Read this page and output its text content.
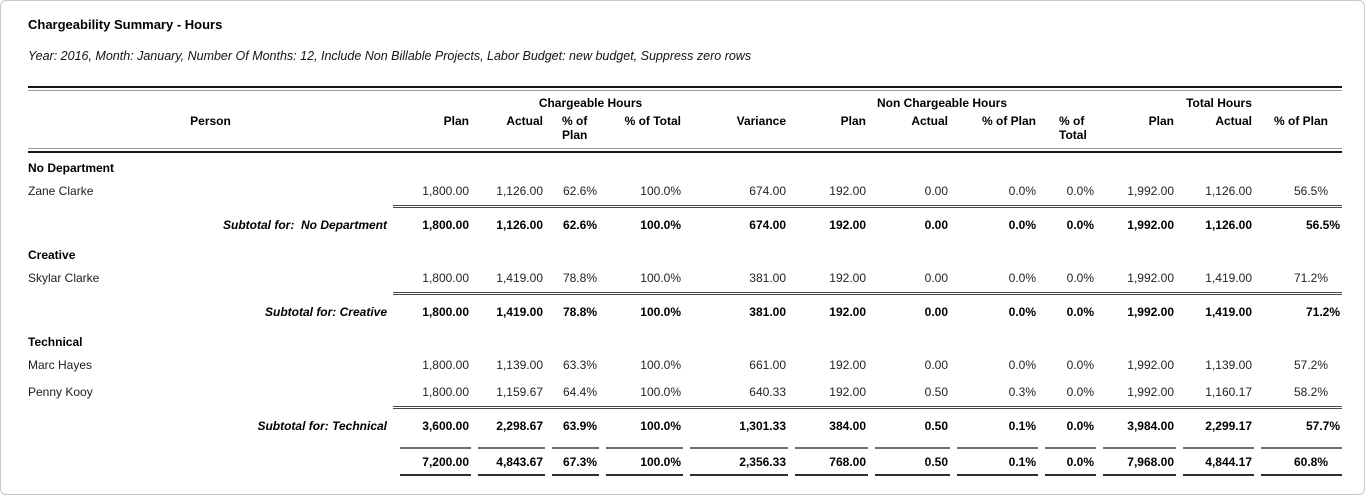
Chargeability Summary - Hours
Year: 2016, Month: January, Number Of Months: 12, Include Non Billable Projects, Labor Budget: new budget, Suppress zero rows

	Chargeable Hours					Non Chargeable Hours				Total Hours		
Person	Plan	Actual	% of Plan	% of Total	Variance	Plan	Actual	% of Plan	% of Total	Plan	Actual	% of Plan

No Department												
Zane Clarke	1,800.00	1,126.00	62.6%	100.0%	674.00	192.00	0.00	0.0%	0.0%	1,992.00	1,126.00	56.5%

Subtotal for:  No Department	1,800.00	1,126.00	62.6%	100.0%	674.00	192.00	0.00	0.0%	0.0%	1,992.00	1,126.00	56.5%
Creative												
Skylar Clarke	1,800.00	1,419.00	78.8%	100.0%	381.00	192.00	0.00	0.0%	0.0%	1,992.00	1,419.00	71.2%

Subtotal for: Creative	1,800.00	1,419.00	78.8%	100.0%	381.00	192.00	0.00	0.0%	0.0%	1,992.00	1,419.00	71.2%
Technical												
Marc Hayes	1,800.00	1,139.00	63.3%	100.0%	661.00	192.00	0.00	0.0%	0.0%	1,992.00	1,139.00	57.2%
Penny Kooy	1,800.00	1,159.67	64.4%	100.0%	640.33	192.00	0.50	0.3%	0.0%	1,992.00	1,160.17	58.2%

Subtotal for: Technical	3,600.00	2,298.67	63.9%	100.0%	1,301.33	384.00	0.50	0.1%	0.0%	3,984.00	2,299.17	57.7%

	7,200.00	4,843.67	67.3%	100.0%	2,356.33	768.00	0.50	0.1%	0.0%	7,968.00	4,844.17	60.8%
